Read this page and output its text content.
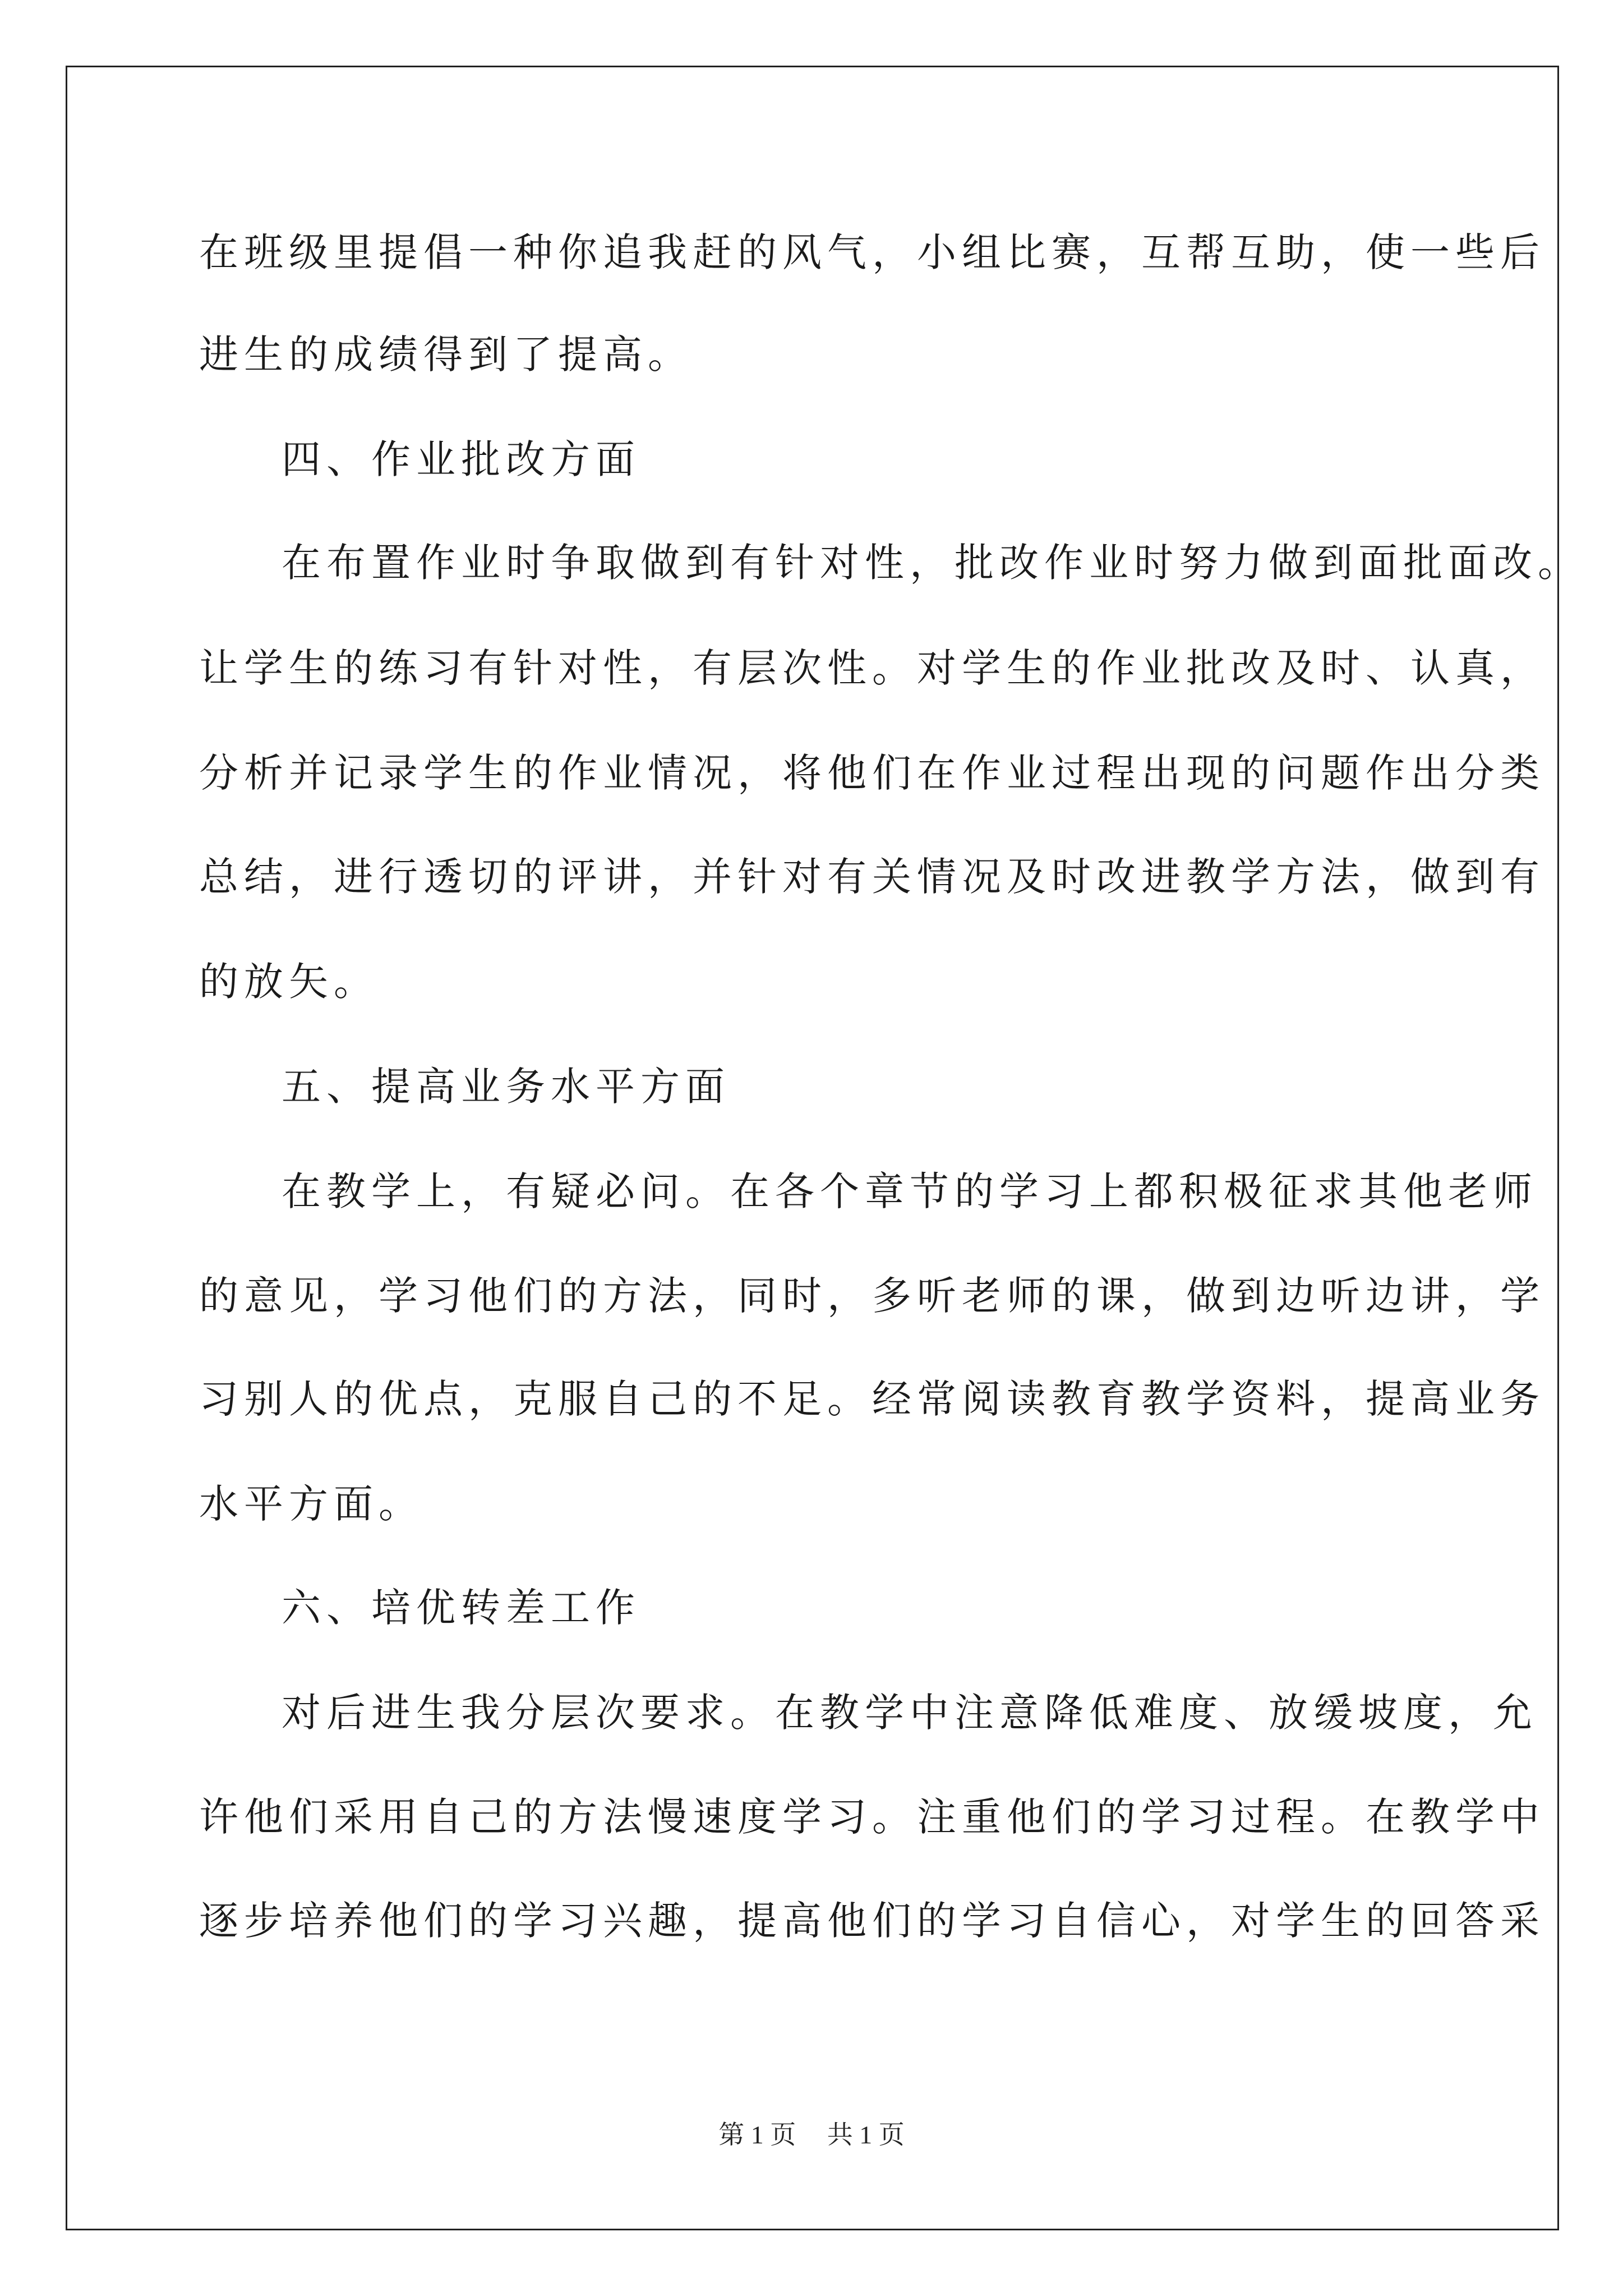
在班级里提倡一种你追我赶的风气，小组比赛，互帮互助，使一些后
进生的成绩得到了提高。
四、作业批改方面
在布置作业时争取做到有针对性，批改作业时努力做到面批面改。
让学生的练习有针对性，有层次性。对学生的作业批改及时、认真，
分析并记录学生的作业情况，将他们在作业过程出现的问题作出分类
总结，进行透切的评讲，并针对有关情况及时改进教学方法，做到有
的放矢。
五、提高业务水平方面
在教学上，有疑必问。在各个章节的学习上都积极征求其他老师
的意见，学习他们的方法，同时，多听老师的课，做到边听边讲，学
习别人的优点，克服自己的不足。经常阅读教育教学资料，提高业务
水平方面。
六、培优转差工作
对后进生我分层次要求。在教学中注意降低难度、放缓坡度，允
许他们采用自己的方法慢速度学习。注重他们的学习过程。在教学中
逐步培养他们的学习兴趣，提高他们的学习自信心，对学生的回答采
第 1 页 共 1 页
